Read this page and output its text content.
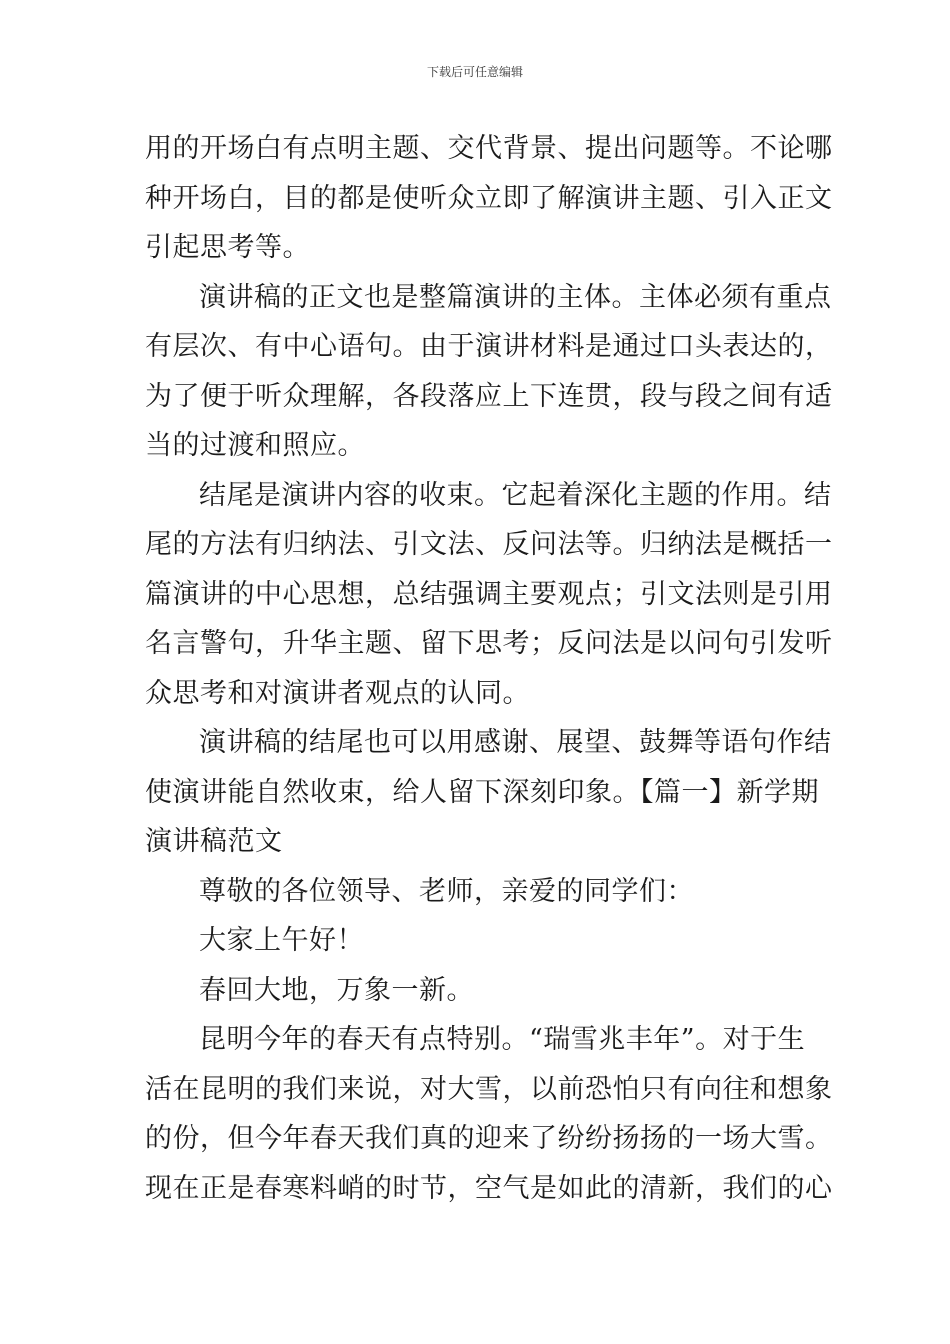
下载后可任意编辑
用的开场白有点明主题、交代背景、提出问题等。不论哪
种开场白，目的都是使听众立即了解演讲主题、引入正文
引起思考等。
演讲稿的正文也是整篇演讲的主体。主体必须有重点
有层次、有中心语句。由于演讲材料是通过口头表达的，
为了便于听众理解，各段落应上下连贯，段与段之间有适
当的过渡和照应。
结尾是演讲内容的收束。它起着深化主题的作用。结
尾的方法有归纳法、引文法、反问法等。归纳法是概括一
篇演讲的中心思想，总结强调主要观点；引文法则是引用
名言警句，升华主题、留下思考；反问法是以问句引发听
众思考和对演讲者观点的认同。
演讲稿的结尾也可以用感谢、展望、鼓舞等语句作结
使演讲能自然收束，给人留下深刻印象。【篇一】新学期
演讲稿范文
尊敬的各位领导、老师，亲爱的同学们：
大家上午好！
春回大地，万象一新。
昆明今年的春天有点特别。“瑞雪兆丰年”。对于生
活在昆明的我们来说，对大雪，以前恐怕只有向往和想象
的份，但今年春天我们真的迎来了纷纷扬扬的一场大雪。
现在正是春寒料峭的时节，空气是如此的清新，我们的心
